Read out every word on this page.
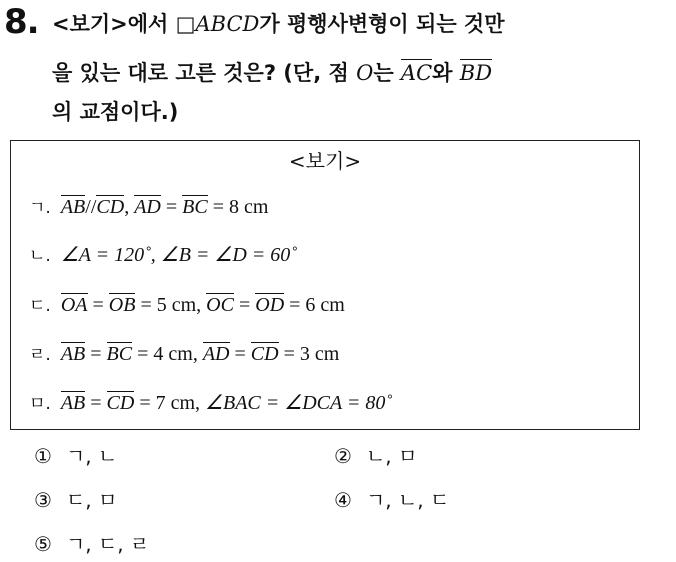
8. <보기>에서 □ABCD가 평행사변형이 되는 것만
을 있는 대로 고른 것은? (단, 점 O는 AC와 BD
의 교점이다.)
<보기>
ㄱ. AB//CD, AD = BC = 8 cm
ㄴ. ∠A = 120˚, ∠B = ∠D = 60˚
ㄷ. OA = OB = 5 cm, OC = OD = 6 cm
ㄹ. AB = BC = 4 cm, AD = CD = 3 cm
ㅁ. AB = CD = 7 cm, ∠BAC = ∠DCA = 80˚
① ㄱ, ㄴ	② ㄴ, ㅁ
③ ㄷ, ㅁ	④ ㄱ, ㄴ, ㄷ
⑤ ㄱ, ㄷ, ㄹ
